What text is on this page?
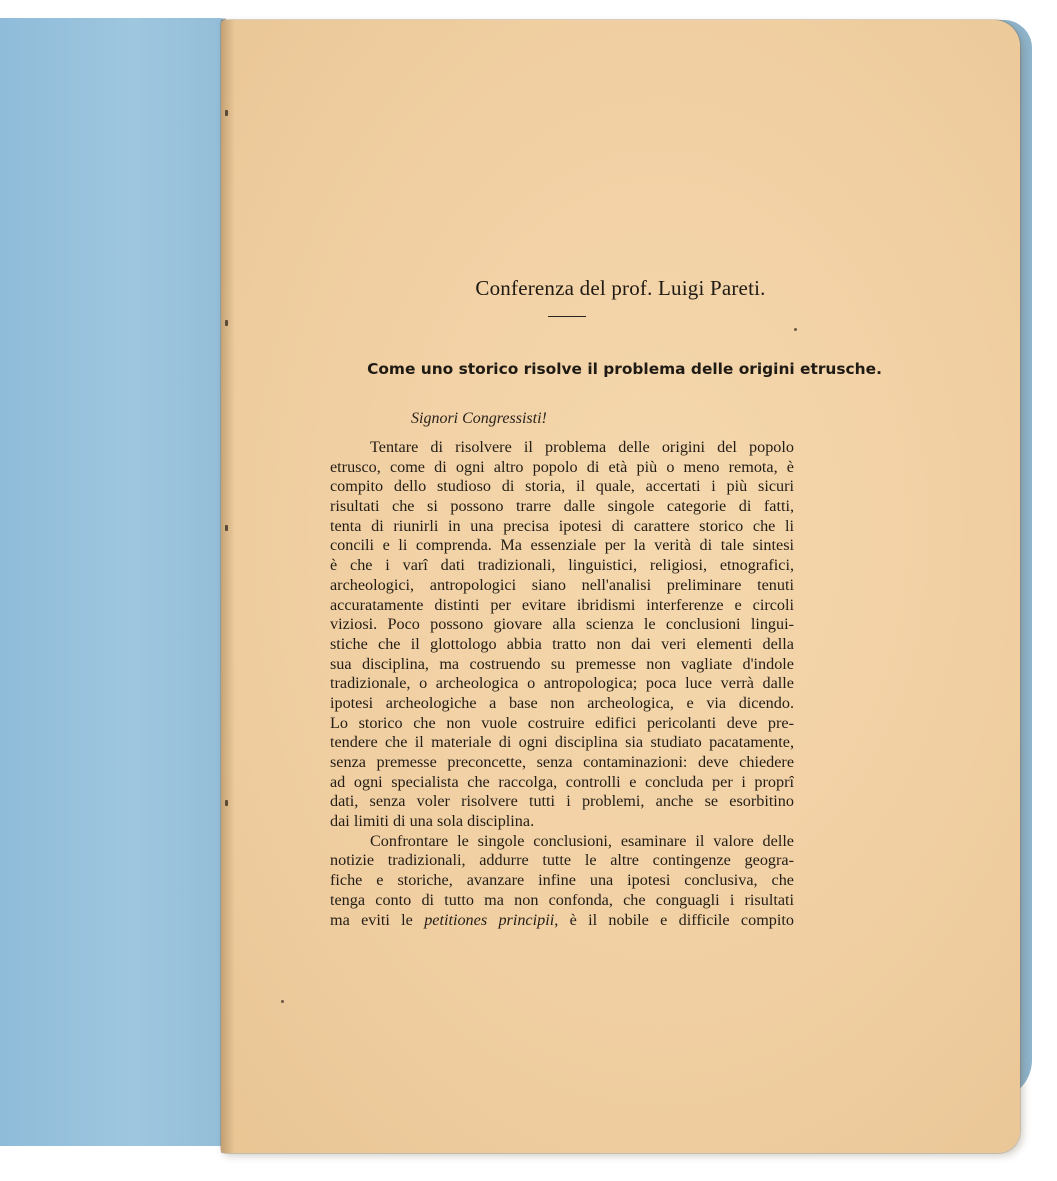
Conferenza del prof. Luigi Pareti.
Come uno storico risolve il problema delle origini etrusche.
Signori Congressisti!
Tentare di risolvere il problema delle origini del popolo
etrusco, come di ogni altro popolo di età più o meno remota, è
compito dello studioso di storia, il quale, accertati i più sicuri
risultati che si possono trarre dalle singole categorie di fatti,
tenta di riunirli in una precisa ipotesi di carattere storico che li
concili e li comprenda. Ma essenziale per la verità di tale sintesi
è che i varî dati tradizionali, linguistici, religiosi, etnografici,
archeologici, antropologici siano nell'analisi preliminare tenuti
accuratamente distinti per evitare ibridismi interferenze e circoli
viziosi. Poco possono giovare alla scienza le conclusioni lingui-
stiche che il glottologo abbia tratto non dai veri elementi della
sua disciplina, ma costruendo su premesse non vagliate d'indole
tradizionale, o archeologica o antropologica; poca luce verrà dalle
ipotesi archeologiche a base non archeologica, e via dicendo.
Lo storico che non vuole costruire edifici pericolanti deve pre-
tendere che il materiale di ogni disciplina sia studiato pacatamente,
senza premesse preconcette, senza contaminazioni: deve chiedere
ad ogni specialista che raccolga, controlli e concluda per i proprî
dati, senza voler risolvere tutti i problemi, anche se esorbitino
dai limiti di una sola disciplina.
Confrontare le singole conclusioni, esaminare il valore delle
notizie tradizionali, addurre tutte le altre contingenze geogra-
fiche e storiche, avanzare infine una ipotesi conclusiva, che
tenga conto di tutto ma non confonda, che conguagli i risultati
ma eviti le petitiones principii, è il nobile e difficile compito
